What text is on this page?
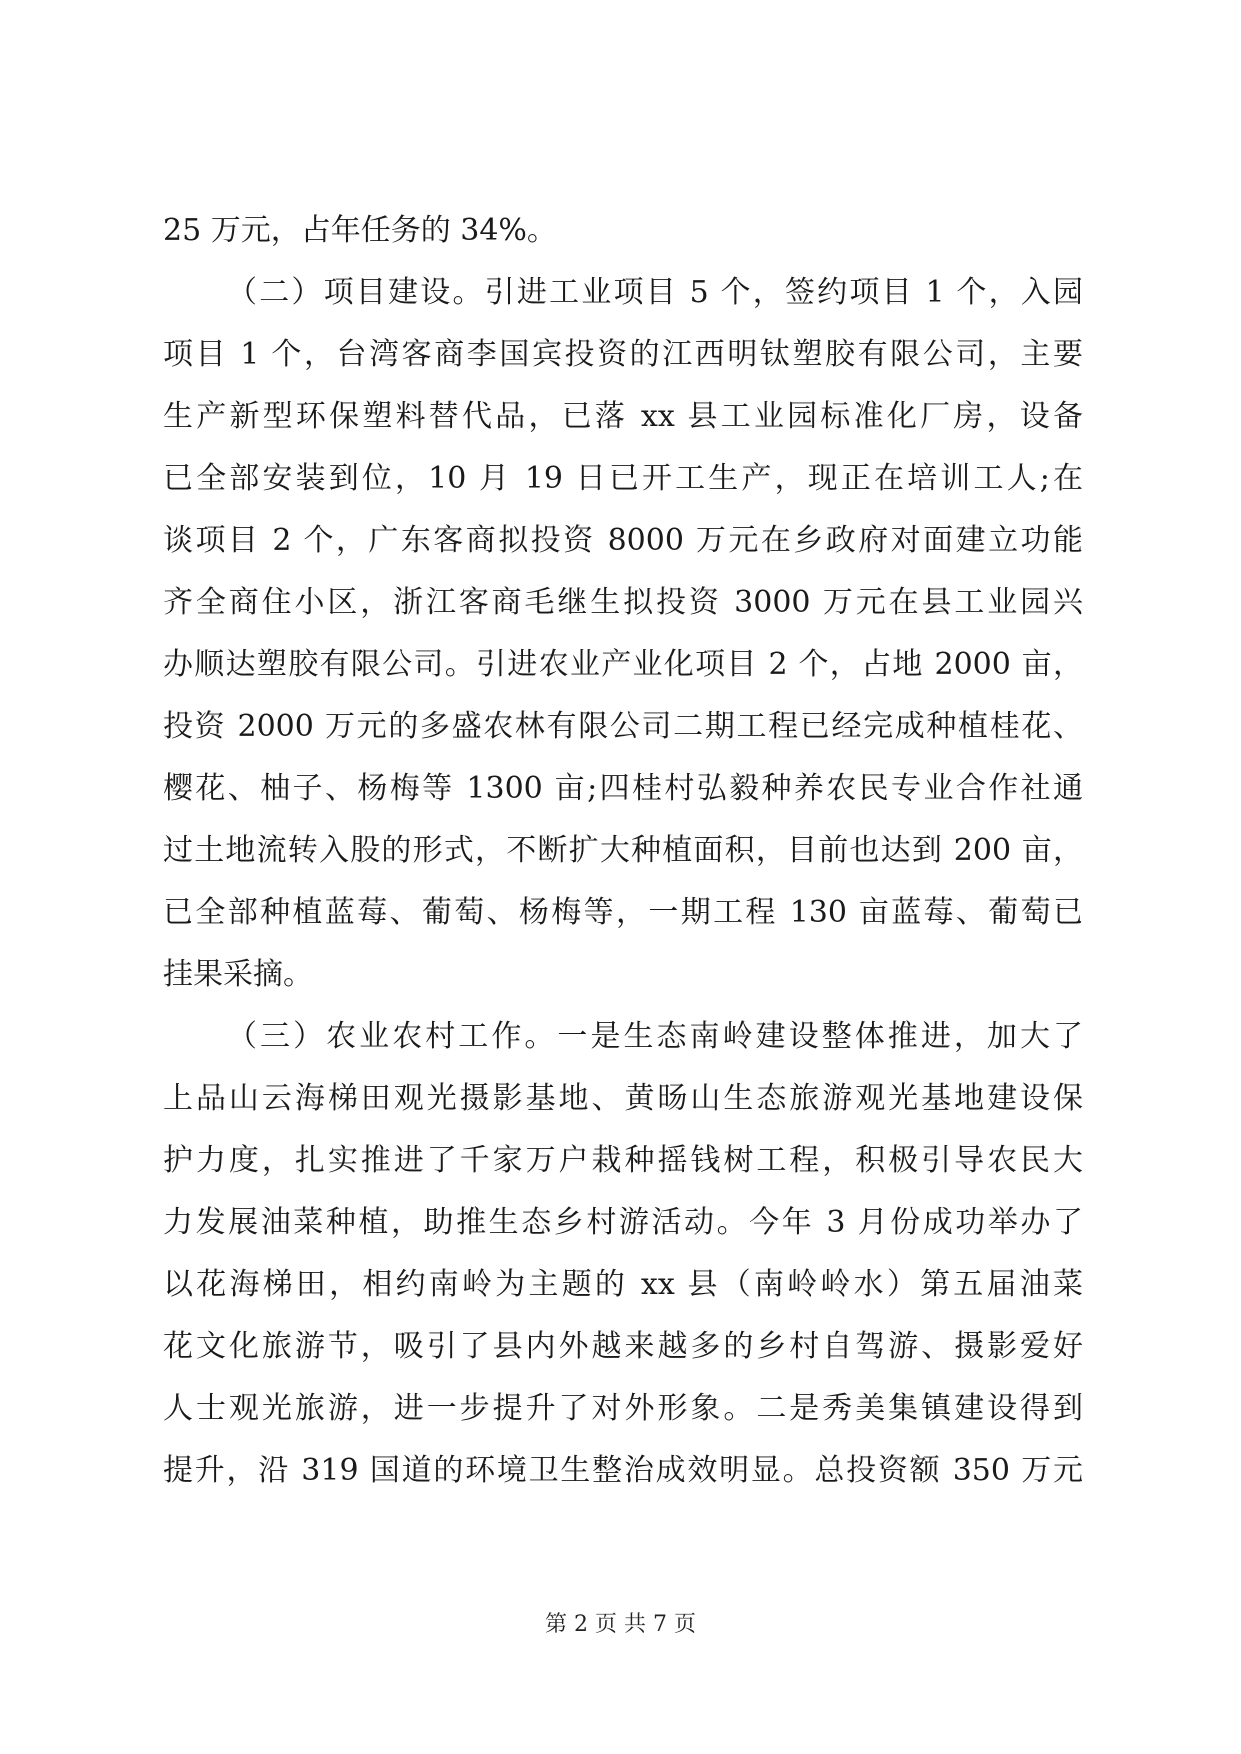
25 万元，占年任务的 34%。
（二）项目建设。引进工业项目 5 个，签约项目 1 个，入园
项目 1 个，台湾客商李国宾投资的江西明钛塑胶有限公司，主要
生产新型环保塑料替代品，已落 xx 县工业园标准化厂房，设备
已全部安装到位，10 月 19 日已开工生产，现正在培训工人;在
谈项目 2 个，广东客商拟投资 8000 万元在乡政府对面建立功能
齐全商住小区，浙江客商毛继生拟投资 3000 万元在县工业园兴
办顺达塑胶有限公司。引进农业产业化项目 2 个，占地 2000 亩，
投资 2000 万元的多盛农林有限公司二期工程已经完成种植桂花、
樱花、柚子、杨梅等 1300 亩;四桂村弘毅种养农民专业合作社通
过土地流转入股的形式，不断扩大种植面积，目前也达到 200 亩，
已全部种植蓝莓、葡萄、杨梅等，一期工程 130 亩蓝莓、葡萄已
挂果采摘。
（三）农业农村工作。一是生态南岭建设整体推进，加大了
上品山云海梯田观光摄影基地、黄旸山生态旅游观光基地建设保
护力度，扎实推进了千家万户栽种摇钱树工程，积极引导农民大
力发展油菜种植，助推生态乡村游活动。今年 3 月份成功举办了
以花海梯田，相约南岭为主题的 xx 县（南岭岭水）第五届油菜
花文化旅游节，吸引了县内外越来越多的乡村自驾游、摄影爱好
人士观光旅游，进一步提升了对外形象。二是秀美集镇建设得到
提升，沿 319 国道的环境卫生整治成效明显。总投资额 350 万元
第 2 页 共 7 页
